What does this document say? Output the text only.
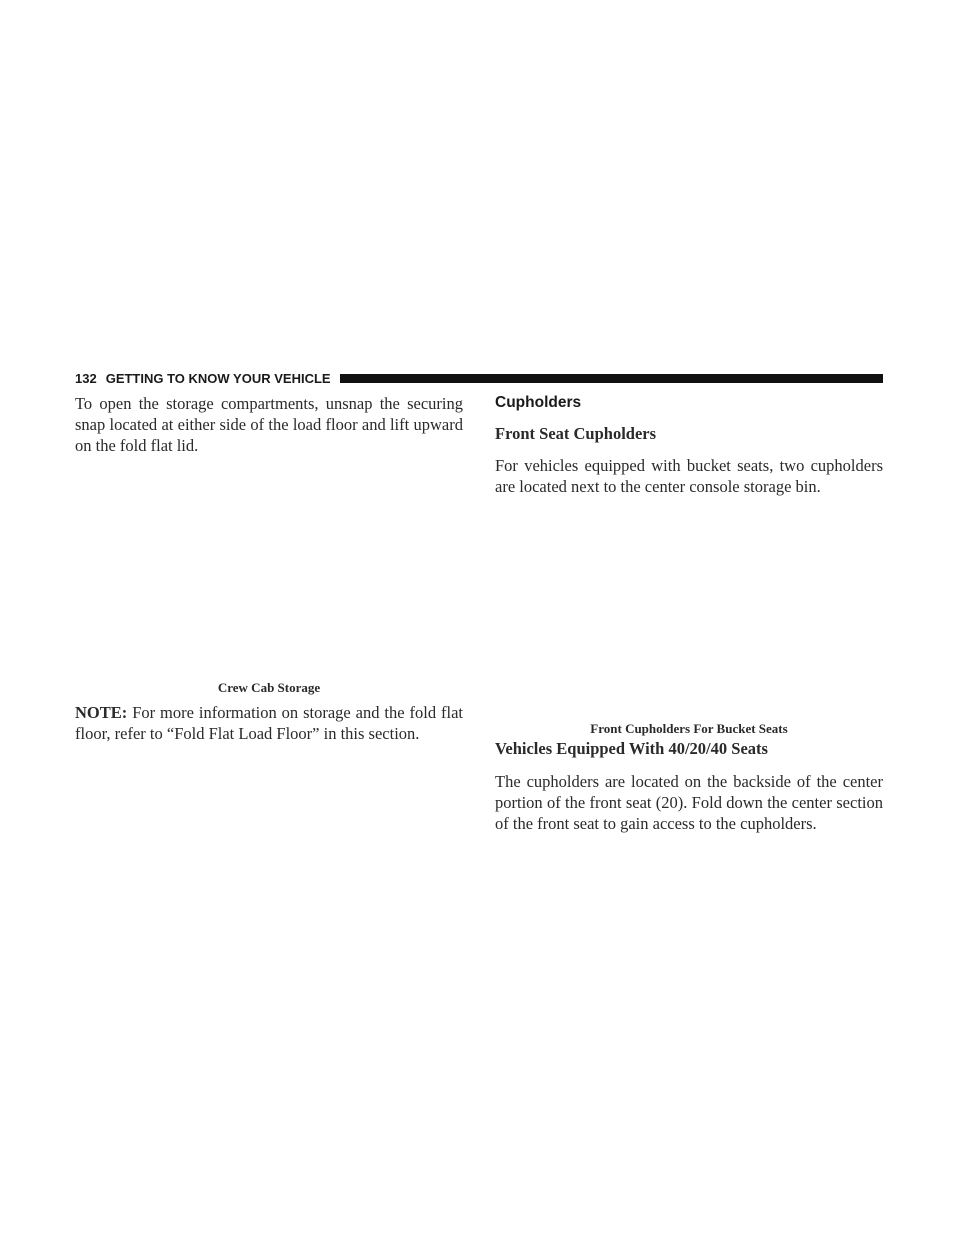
132 GETTING TO KNOW YOUR VEHICLE

To open the storage compartments, unsnap the securing snap located at either side of the load floor and lift upward on the fold flat lid.

Crew Cab Storage

NOTE: For more information on storage and the fold flat floor, refer to “Fold Flat Load Floor” in this section.

Cupholders

Front Seat Cupholders

For vehicles equipped with bucket seats, two cupholders are located next to the center console storage bin.

Front Cupholders For Bucket Seats

Vehicles Equipped With 40/20/40 Seats

The cupholders are located on the backside of the center portion of the front seat (20). Fold down the center section of the front seat to gain access to the cupholders.
